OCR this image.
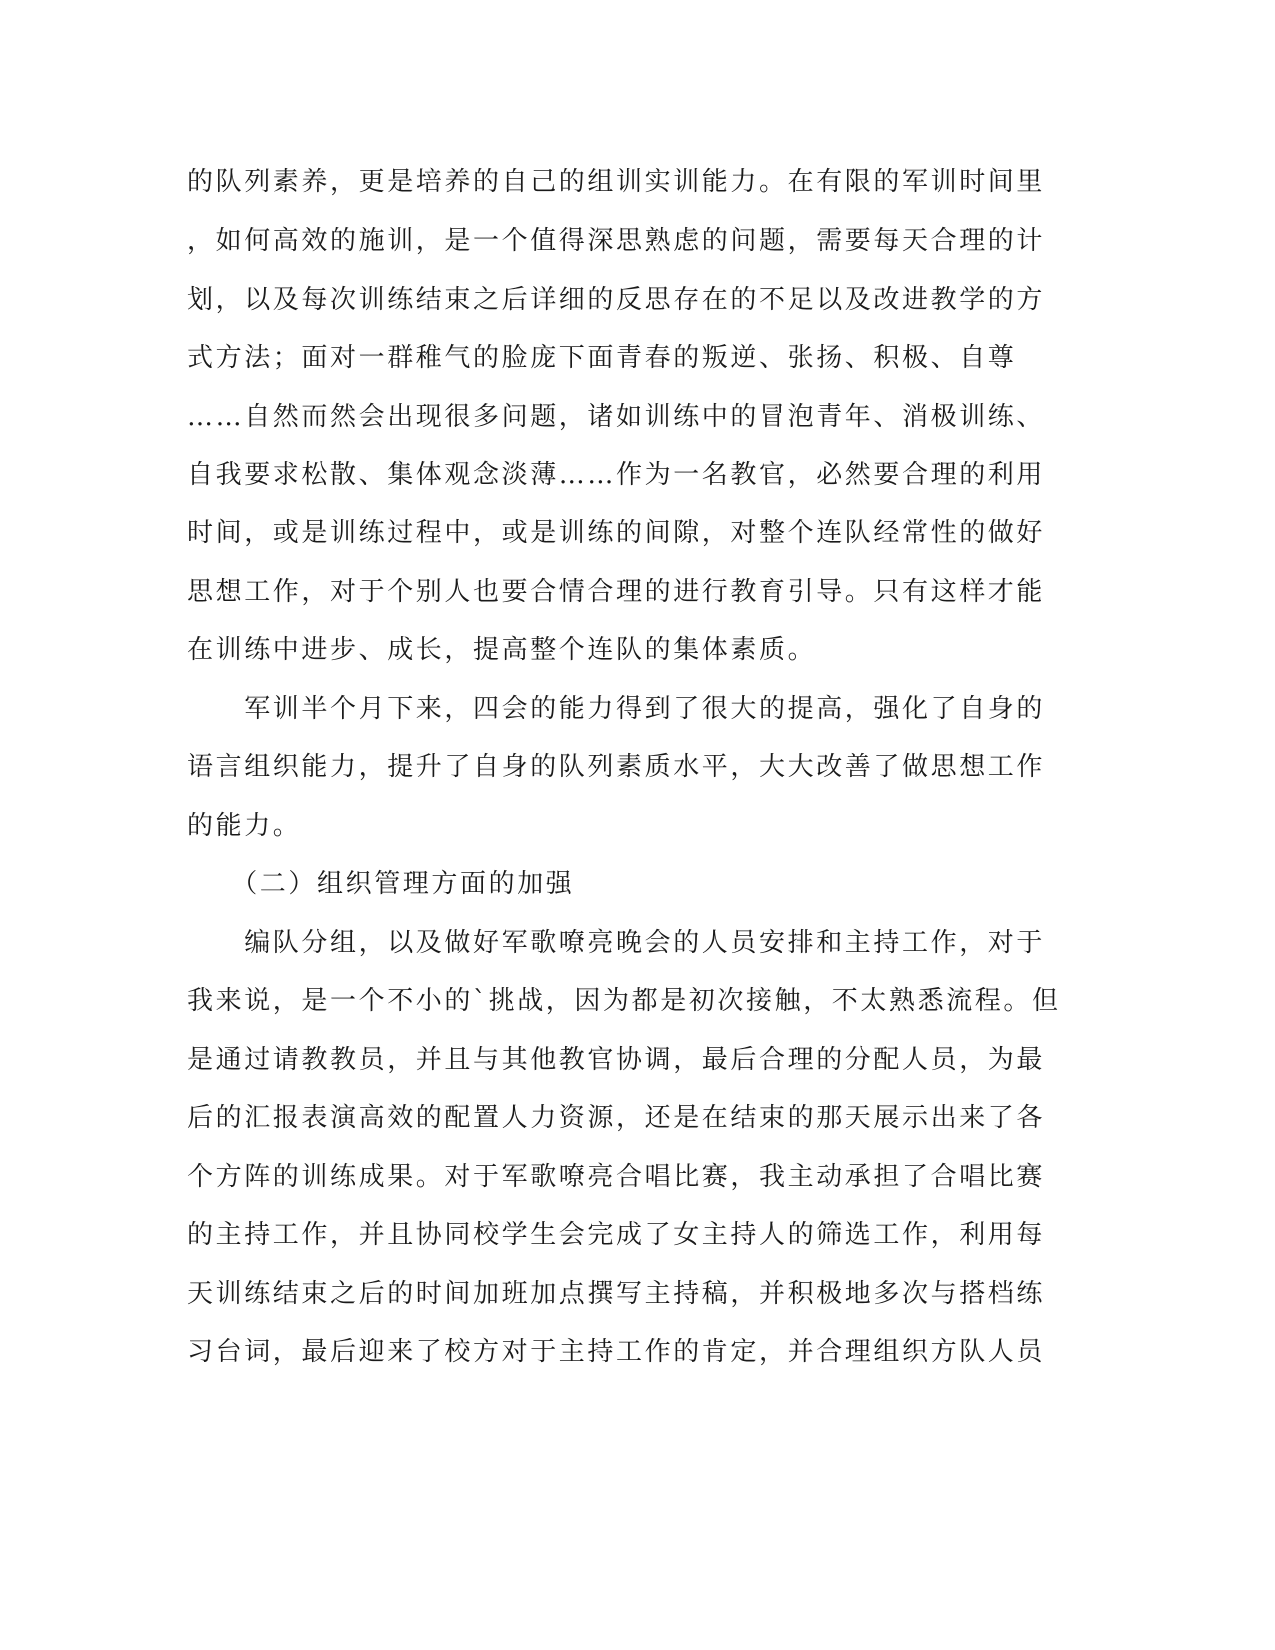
的队列素养，更是培养的自己的组训实训能力。在有限的军训时间里
，如何高效的施训，是一个值得深思熟虑的问题，需要每天合理的计
划，以及每次训练结束之后详细的反思存在的不足以及改进教学的方
式方法；面对一群稚气的脸庞下面青春的叛逆、张扬、积极、自尊
……自然而然会出现很多问题，诸如训练中的冒泡青年、消极训练、
自我要求松散、集体观念淡薄……作为一名教官，必然要合理的利用
时间，或是训练过程中，或是训练的间隙，对整个连队经常性的做好
思想工作，对于个别人也要合情合理的进行教育引导。只有这样才能
在训练中进步、成长，提高整个连队的集体素质。
　　军训半个月下来，四会的能力得到了很大的提高，强化了自身的
语言组织能力，提升了自身的队列素质水平，大大改善了做思想工作
的能力。
　　（二）组织管理方面的加强
　　编队分组，以及做好军歌嘹亮晚会的人员安排和主持工作，对于
我来说，是一个不小的`挑战，因为都是初次接触，不太熟悉流程。但
是通过请教教员，并且与其他教官协调，最后合理的分配人员，为最
后的汇报表演高效的配置人力资源，还是在结束的那天展示出来了各
个方阵的训练成果。对于军歌嘹亮合唱比赛，我主动承担了合唱比赛
的主持工作，并且协同校学生会完成了女主持人的筛选工作，利用每
天训练结束之后的时间加班加点撰写主持稿，并积极地多次与搭档练
习台词，最后迎来了校方对于主持工作的肯定，并合理组织方队人员
